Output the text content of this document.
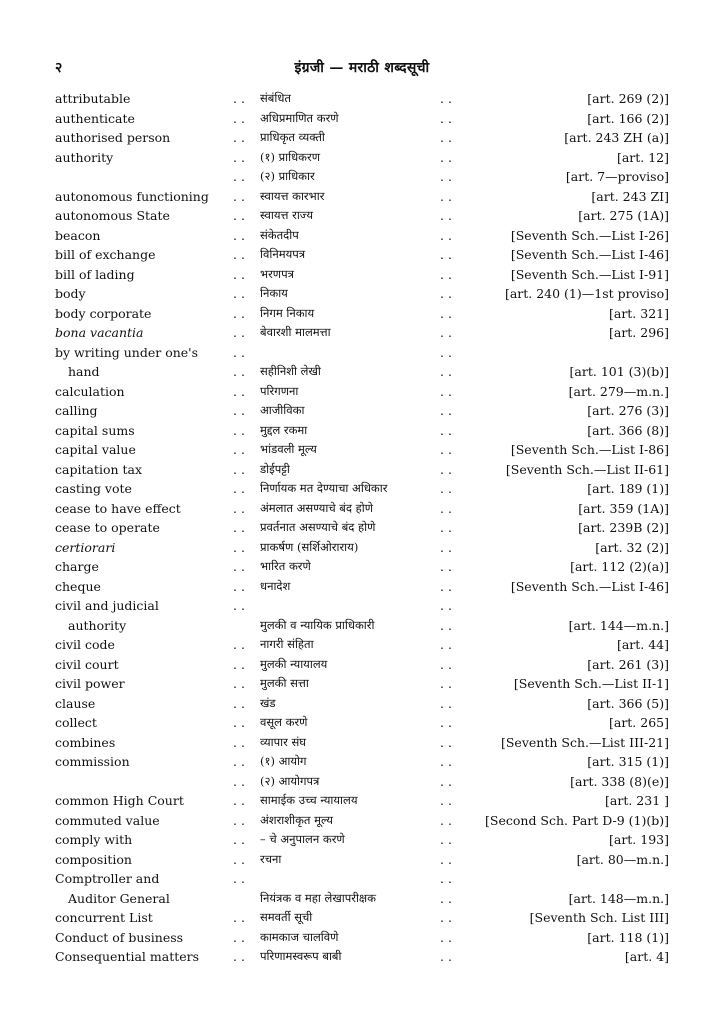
२	इंग्रजी — मराठी शब्दसूची
attributable	. . संबंधित	. .	[art. 269 (2)]
authenticate	. . अधिप्रमाणित करणे	. .	[art. 166 (2)]
authorised person	. . प्राधिकृत व्यक्ती	. .	[art. 243 ZH (a)]
authority	. . (१) प्राधिकरण	. .	[art. 12]
. . (२) प्राधिकार	. .	[art. 7—proviso]
autonomous functioning . . स्वायत्त कारभार	. .	[art. 243 ZI]
autonomous State	. . स्वायत्त राज्य	. .	[art. 275 (1A)]
beacon	. . संकेतदीप	. .	[Seventh Sch.—List I-26]
bill of exchange	. . विनिमयपत्र	. .	[Seventh Sch.—List I-46]
bill of lading	. . भरणपत्र	. .	[Seventh Sch.—List I-91]
body	. . निकाय	. .	[art. 240 (1)—1st proviso]
body corporate	. . निगम निकाय	. .	[art. 321]
bona vacantia	. . बेवारशी मालमत्ता	. .	[art. 296]
by writing under one's	. .	. .
hand	. . सहीनिशी लेखी	. .	[art. 101 (3)(b)]
calculation	. . परिगणना	. .	[art. 279—m.n.]
calling	. . आजीविका	. .	[art. 276 (3)]
capital sums	. . मुद्दल रकमा	. .	[art. 366 (8)]
capital value	. . भांडवली मूल्य	. .	[Seventh Sch.—List I-86]
capitation tax	. . डोईपट्टी	. .	[Seventh Sch.—List II-61]
casting vote	. . निर्णायक मत देण्याचा अधिकार	. .	[art. 189 (1)]
cease to have effect	. . अंमलात असण्याचे बंद होणे	. .	[art. 359 (1A)]
cease to operate	. . प्रवर्तनात असण्याचे बंद होणे	. .	[art. 239B (2)]
certiorari	. . प्राकर्षण (सर्शिओराराय)	. .	[art. 32 (2)]
charge	. . भारित करणे	. .	[art. 112 (2)(a)]
cheque	. . धनादेश	. .	[Seventh Sch.—List I-46]
civil and judicial	. .	. .
authority	मुलकी व न्यायिक प्राधिकारी	. .	[art. 144—m.n.]
civil code	. . नागरी संहिता	. .	[art. 44]
civil court	. . मुलकी न्यायालय	. .	[art. 261 (3)]
civil power	. . मुलकी सत्ता	. .	[Seventh Sch.—List II-1]
clause	. . खंड	. .	[art. 366 (5)]
collect	. . वसूल करणे	. .	[art. 265]
combines	. . व्यापार संघ	. .	[Seventh Sch.—List III-21]
commission	. . (१) आयोग	. .	[art. 315 (1)]
. . (२) आयोगपत्र	. .	[art. 338 (8)(e)]
common High Court	. . सामाईक उच्च न्यायालय	. .	[art. 231 ]
commuted value	. . अंशराशीकृत मूल्य	. .	[Second Sch. Part D-9 (1)(b)]
comply with	. . – चे अनुपालन करणे	. .	[art. 193]
composition	. . रचना	. .	[art. 80—m.n.]
Comptroller and	. .	. .
Auditor General	नियंत्रक व महा लेखापरीक्षक	. .	[art. 148—m.n.]
concurrent List	. . समवर्ती सूची	. .	[Seventh Sch. List III]
Conduct of business	. . कामकाज चालविणे	. .	[art. 118 (1)]
Consequential matters	. . परिणामस्वरूप बाबी	. .	[art. 4]
